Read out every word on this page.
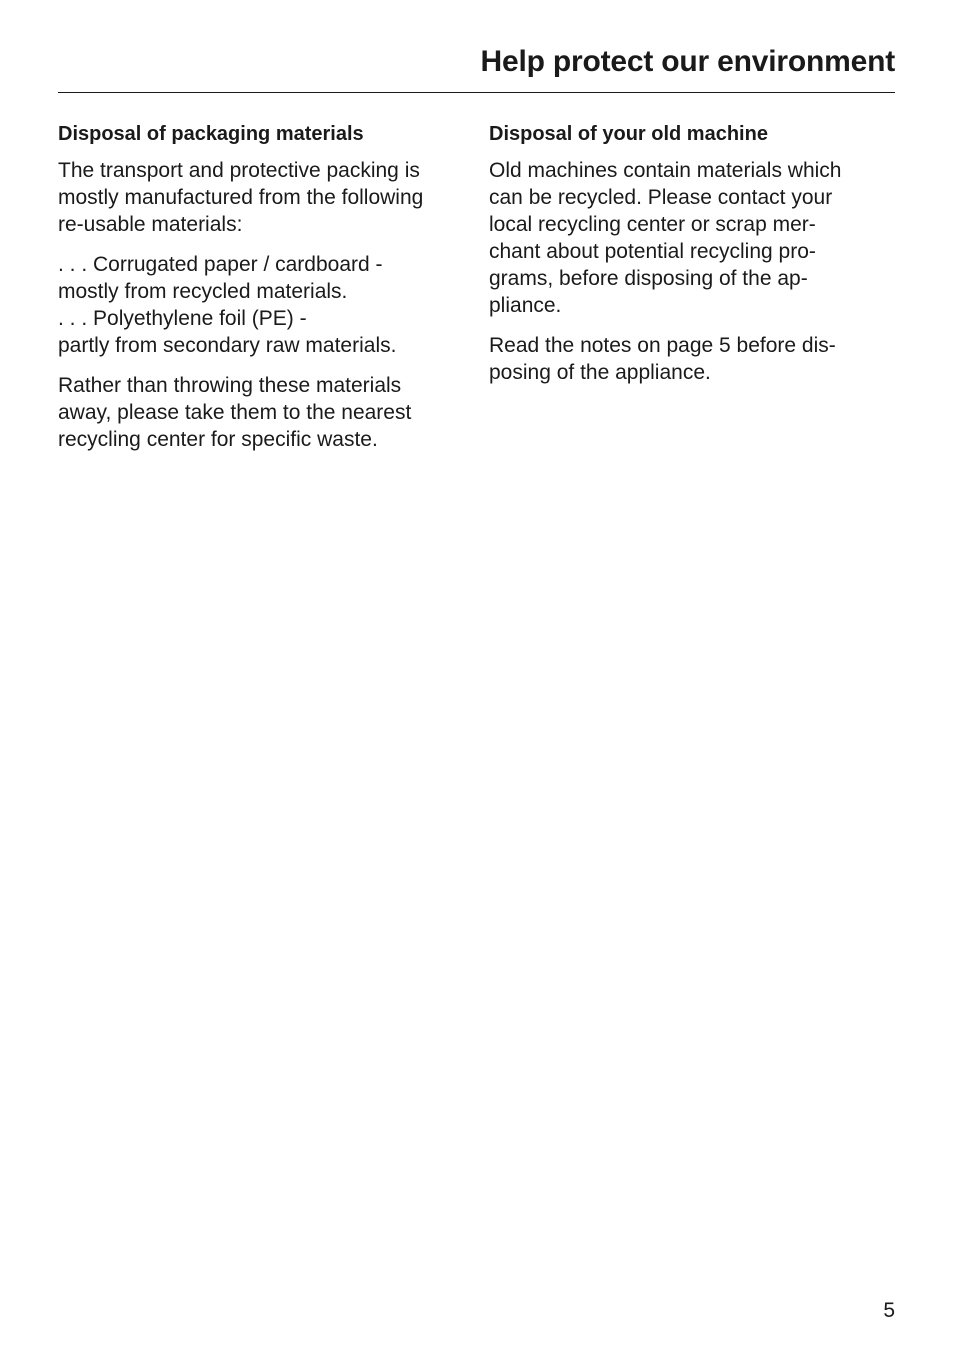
Help protect our environment
Disposal of packaging materials

The transport and protective packing is
mostly manufactured from the following
re-usable materials:

. . . Corrugated paper / cardboard -
mostly from recycled materials.
. . . Polyethylene foil (PE) -
partly from secondary raw materials.

Rather than throwing these materials
away, please take them to the nearest
recycling center for specific waste.

Disposal of your old machine

Old machines contain materials which
can be recycled. Please contact your
local recycling center or scrap mer-
chant about potential recycling pro-
grams, before disposing of the ap-
pliance.

Read the notes on page 5 before dis-
posing of the appliance.

5
